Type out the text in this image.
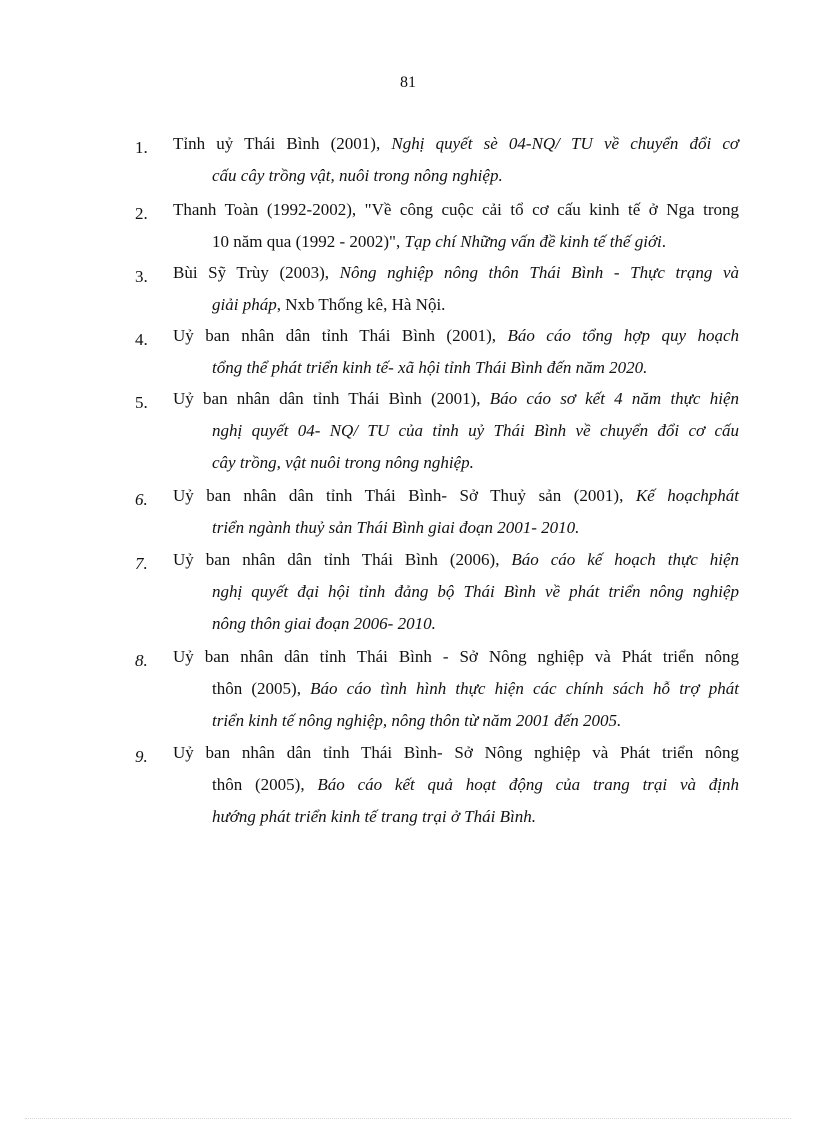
81
1.	Tỉnh uỷ Thái Bình (2001), Nghị quyết sè 04-NQ/ TU về chuyển đổi cơ
cấu cây trồng vật, nuôi trong nông nghiệp.
2.	Thanh Toàn (1992-2002), "Về công cuộc cải tổ cơ cấu kinh tế ở Nga trong
10 năm qua (1992 - 2002)", Tạp chí Những vấn đề kinh tế thế giới.
3.	Bùi Sỹ Trùy (2003), Nông nghiệp nông thôn Thái Bình - Thực trạng và
giải pháp, Nxb Thống kê, Hà Nội.
4.	Uỷ ban nhân dân tỉnh Thái Bình (2001), Báo cáo tổng hợp quy hoạch
tổng thể phát triển kinh tế- xã hội tỉnh Thái Bình đến năm 2020.
5.	Uỷ ban nhân dân tỉnh Thái Bình (2001), Báo cáo sơ kết 4 năm thực hiện
nghị quyết 04- NQ/ TU của tỉnh uỷ Thái Bình về chuyển đổi cơ cấu
cây trồng, vật nuôi trong nông nghiệp.
6.	Uỷ ban nhân dân tỉnh Thái Bình- Sở Thuỷ sản (2001), Kế hoạchphát
triển ngành thuỷ sản Thái Bình giai đoạn 2001- 2010.
7.	Uỷ ban nhân dân tỉnh Thái Bình (2006), Báo cáo kế hoạch thực hiện
nghị quyết đại hội tỉnh đảng bộ Thái Bình về phát triển nông nghiệp
nông thôn giai đoạn 2006- 2010.
8.	Uỷ ban nhân dân tỉnh Thái Bình - Sở Nông nghiệp và Phát triển nông
thôn (2005), Báo cáo tình hình thực hiện các chính sách hỗ trợ phát
triển kinh tế nông nghiệp, nông thôn từ năm 2001 đến 2005.
9.	Uỷ ban nhân dân tỉnh Thái Bình- Sở Nông nghiệp và Phát triển nông
thôn (2005), Báo cáo kết quả hoạt động của trang trại và định
hướng phát triển kinh tế trang trại ở Thái Bình.
